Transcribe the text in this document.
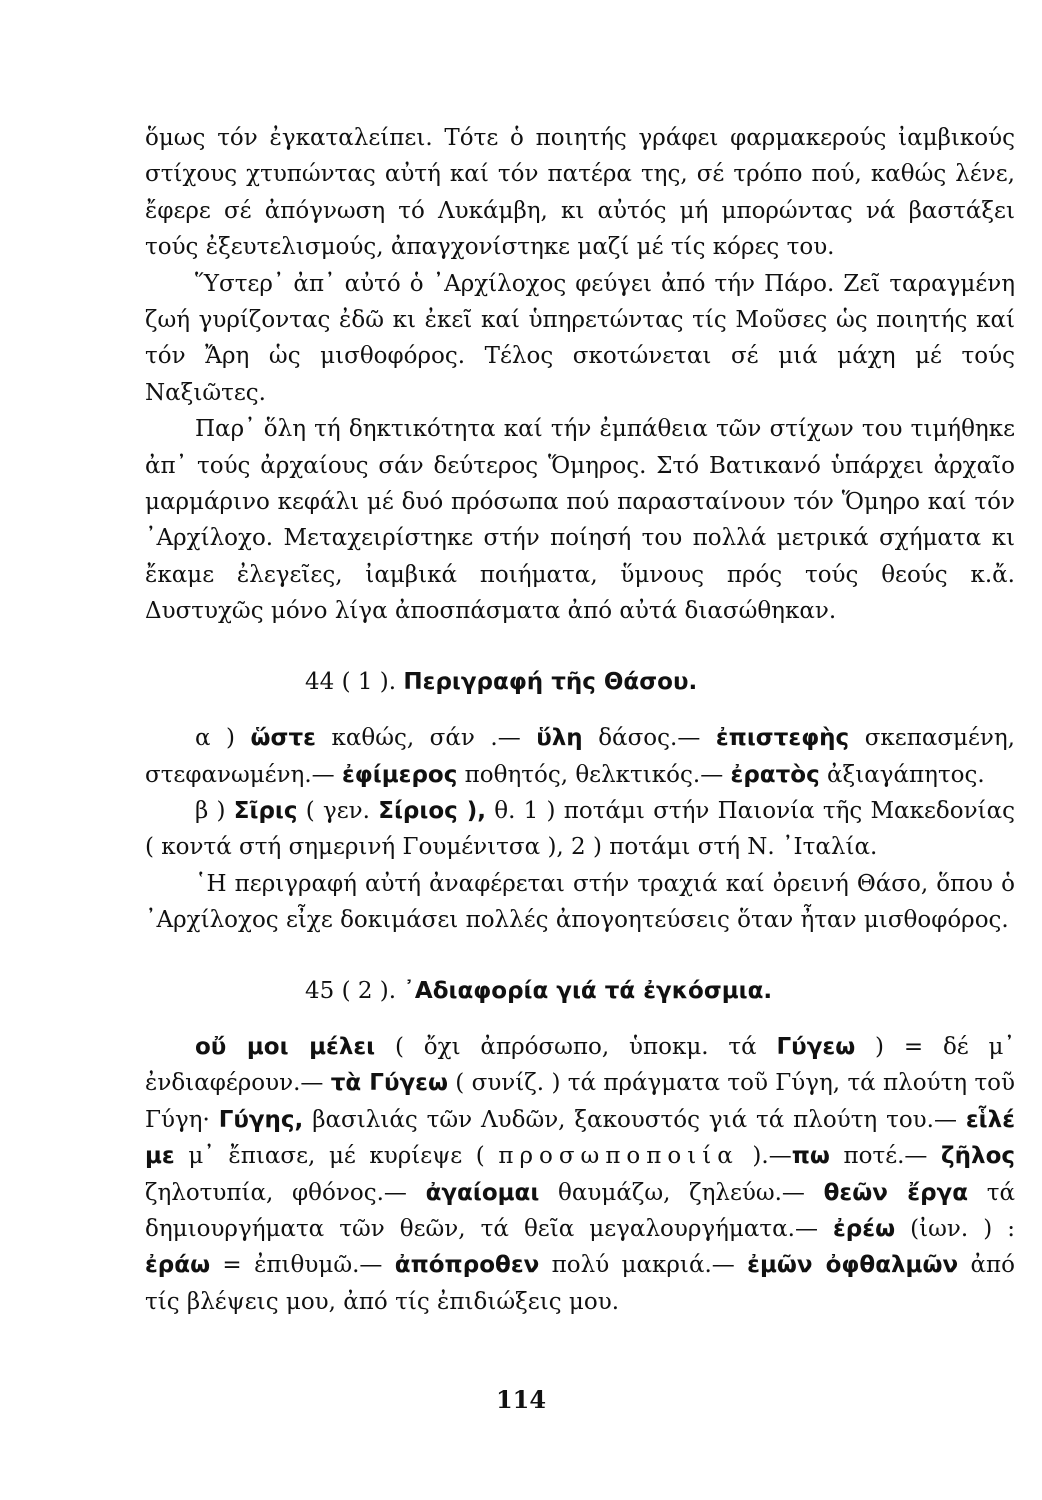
ὅμως τόν ἐγκαταλείπει. Τότε ὁ ποιητής γράφει φαρμακερούς ἰαμβικούς στίχους χτυπώντας αὐτή καί τόν πατέρα της, σέ τρόπο πού, καθώς λένε, ἔφερε σέ ἀπόγνωση τό Λυκάμβη, κι αὐτός μή μπορώντας νά βαστάξει τούς ἐξευτελισμούς, ἀπαγχονίστηκε μαζί μέ τίς κόρες του.

Ὕστερ᾽ ἀπ᾽ αὐτό ὁ ᾿Αρχίλοχος φεύγει ἀπό τήν Πάρο. Ζεῖ ταραγμένη ζωή γυρίζοντας ἐδῶ κι ἐκεῖ καί ὑπηρετώντας τίς Μοῦσες ὡς ποιητής καί τόν Ἄρη ὡς μισθοφόρος. Τέλος σκοτώνεται σέ μιά μάχη μέ τούς Ναξιῶτες.

Παρ᾽ ὅλη τή δηκτικότητα καί τήν ἐμπάθεια τῶν στίχων του τιμήθηκε ἀπ᾽ τούς ἀρχαίους σάν δεύτερος Ὅμηρος. Στό Βατικανό ὑπάρχει ἀρχαῖο μαρμάρινο κεφάλι μέ δυό πρόσωπα πού παρασταίνουν τόν Ὅμηρο καί τόν ᾿Αρχίλοχο. Μεταχειρίστηκε στήν ποίησή του πολλά μετρικά σχήματα κι ἔκαμε ἐλεγεῖες, ἰαμβικά ποιήματα, ὕμνους πρός τούς θεούς κ.ἄ. Δυστυχῶς μόνο λίγα ἀποσπάσματα ἀπό αὐτά διασώθηκαν.

44 ( 1 ). Περιγραφή τῆς Θάσου.

α ) ὥστε καθώς, σάν .— ὕλη δάσος.— ἐπιστεφὴς σκεπασμένη, στεφανωμένη.— ἐφίμερος ποθητός, θελκτικός.— ἐρατὸς ἀξιαγάπητος.

β ) Σῖρις ( γεν. Σίριος ), θ. 1 ) ποτάμι στήν Παιονία τῆς Μακεδονίας ( κοντά στή σημερινή Γουμένιτσα ), 2 ) ποτάμι στή Ν. ᾿Ιταλία.

῾Η περιγραφή αὐτή ἀναφέρεται στήν τραχιά καί ὀρεινή Θάσο, ὅπου ὁ ᾿Αρχίλοχος εἶχε δοκιμάσει πολλές ἀπογοητεύσεις ὅταν ἦταν μισθοφόρος.

45 ( 2 ). ᾿Αδιαφορία γιά τά ἐγκόσμια.

οὔ μοι μέλει ( ὄχι ἀπρόσωπο, ὑποκμ. τά Γύγεω ) = δέ μ᾽ ἐνδιαφέρουν.— τὰ Γύγεω ( συνίζ. ) τά πράγματα τοῦ Γύγη, τά πλούτη τοῦ Γύγη· Γύγης, βασιλιάς τῶν Λυδῶν, ξακουστός γιά τά πλούτη του.— εἷλέ με μ᾽ ἔπιασε, μέ κυρίεψε ( προσωποποιία ).—πω ποτέ.— ζῆλος ζηλοτυπία, φθόνος.— ἀγαίομαι θαυμάζω, ζηλεύω.— θεῶν ἔργα τά δημιουργήματα τῶν θεῶν, τά θεῖα μεγαλουργήματα.— ἐρέω (ἰων. ) : ἐράω = ἐπιθυμῶ.— ἀπόπροθεν πολύ μακριά.— ἐμῶν ὀφθαλμῶν ἀπό τίς βλέψεις μου, ἀπό τίς ἐπιδιώξεις μου.

114
